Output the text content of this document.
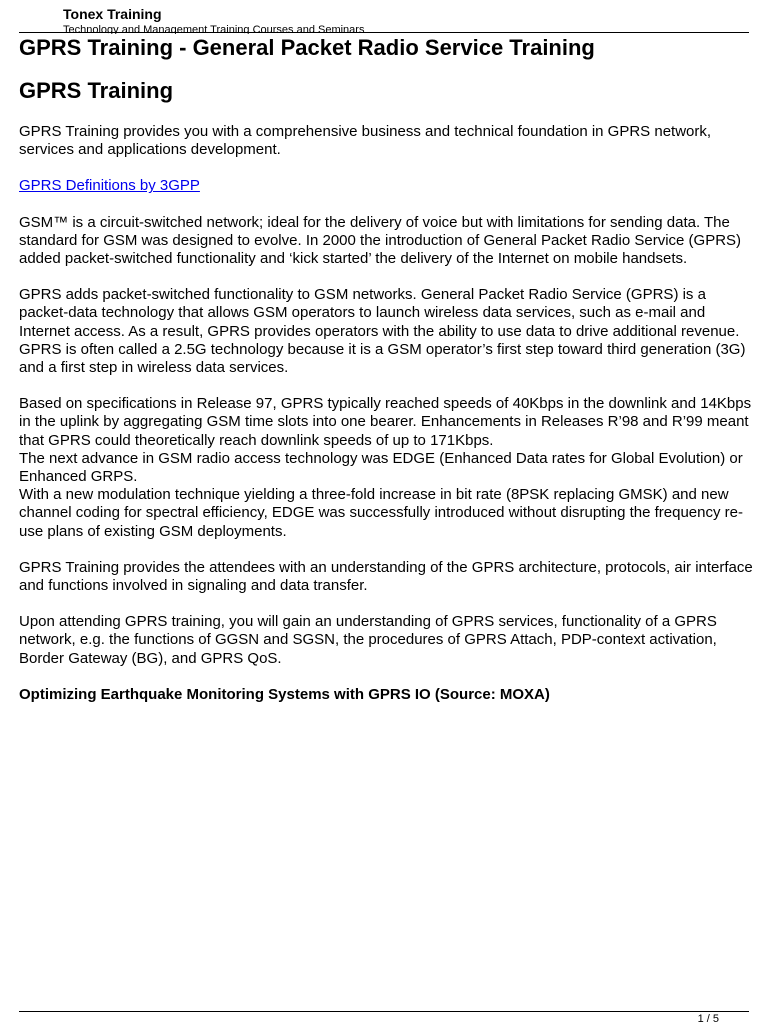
Tonex Training
Technology and Management Training Courses and Seminars
GPRS Training - General Packet Radio Service Training
GPRS Training

GPRS Training provides you with a comprehensive business and technical foundation in GPRS network, services and applications development.

GPRS Definitions by 3GPP

GSM™ is a circuit-switched network; ideal for the delivery of voice but with limitations for sending data. The standard for GSM was designed to evolve. In 2000 the introduction of General Packet Radio Service (GPRS) added packet-switched functionality and ‘kick started’ the delivery of the Internet on mobile handsets.

GPRS adds packet-switched functionality to GSM networks. General Packet Radio Service (GPRS) is a packet-data technology that allows GSM operators to launch wireless data services, such as e-mail and Internet access. As a result, GPRS provides operators with the ability to use data to drive additional revenue. GPRS is often called a 2.5G technology because it is a GSM operator’s first step toward third generation (3G) and a first step in wireless data services.

Based on specifications in Release 97, GPRS typically reached speeds of 40Kbps in the downlink and 14Kbps in the uplink by aggregating GSM time slots into one bearer. Enhancements in Releases R’98 and R’99 meant that GPRS could theoretically reach downlink speeds of up to 171Kbps.
The next advance in GSM radio access technology was EDGE (Enhanced Data rates for Global Evolution) or Enhanced GRPS.
With a new modulation technique yielding a three-fold increase in bit rate (8PSK replacing GMSK) and new channel coding for spectral efficiency, EDGE was successfully introduced without disrupting the frequency re-use plans of existing GSM deployments.

GPRS Training provides the attendees with an understanding of the GPRS architecture, protocols, air interface and functions involved in signaling and data transfer.

Upon attending GPRS training, you will gain an understanding of GPRS services, functionality of a GPRS network, e.g. the functions of GGSN and SGSN, the procedures of GPRS Attach, PDP-context activation, Border Gateway (BG), and GPRS QoS.

Optimizing Earthquake Monitoring Systems with GPRS IO (Source: MOXA)

1 / 5
